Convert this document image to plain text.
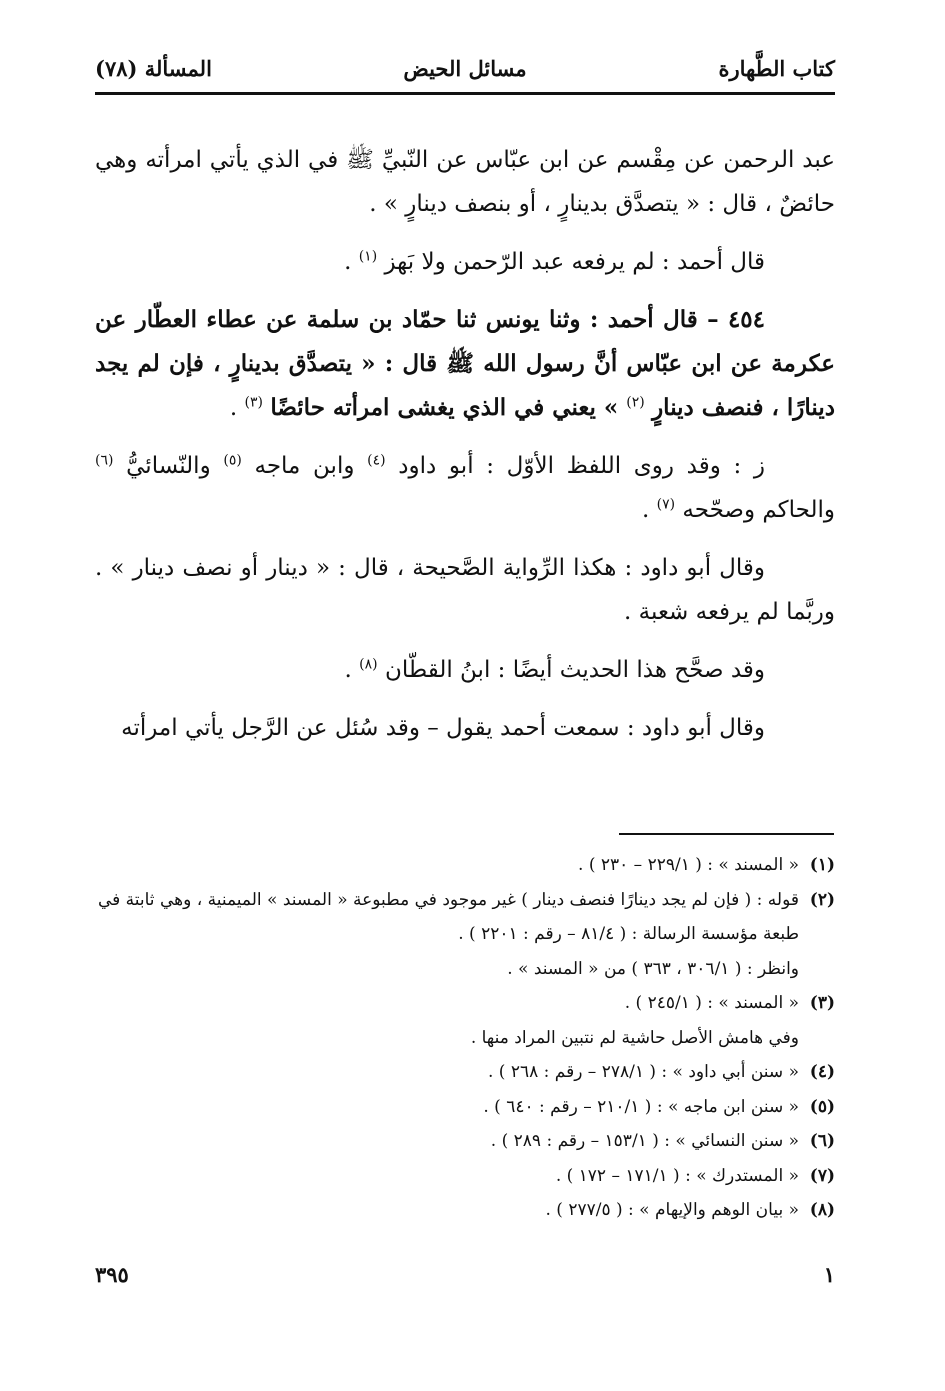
كتاب الطَّهارة
مسائل الحيض
المسألة (٧٨)

عبد الرحمن عن مِقْسم عن ابن عبّاس عن النّبيِّ ﷺ في الذي يأتي امرأته وهي حائضٌ ، قال : « يتصدَّق بدينارٍ ، أو بنصف دينارٍ » .

قال أحمد : لم يرفعه عبد الرّحمن ولا بَهز $^{(١)}$ .

٤٥٤ – قال أحمد : وثنا يونس ثنا حمّاد بن سلمة عن عطاء العطّار عن عكرمة عن ابن عبّاس أنَّ رسول الله ﷺ قال : « يتصدَّق بدينارٍ ، فإن لم يجد دينارًا ، فنصف دينارٍ $^{(٢)}$ » يعني في الذي يغشى امرأته حائضًا $^{(٣)}$ .

ز : وقد روى اللفظ الأوّل : أبو داود $^{(٤)}$ وابن ماجه $^{(٥)}$ والنّسائيُّ $^{(٦)}$ والحاكم وصحّحه $^{(٧)}$ .

وقال أبو داود : هكذا الرِّواية الصَّحيحة ، قال : « دينار أو نصف دينار » . وربَّما لم يرفعه شعبة .

وقد صحَّح هذا الحديث أيضًا : ابنُ القطّان $^{(٨)}$ .

وقال أبو داود : سمعت أحمد يقول – وقد سُئل عن الرَّجل يأتي امرأته

(١)
« المسند » : ( ٢٢٩/١ – ٢٣٠ ) .
(٢)
قوله : ( فإن لم يجد دينارًا فنصف دينار ) غير موجود في مطبوعة « المسند » الميمنية ، وهي ثابتة في طبعة مؤسسة الرسالة : ( ٨١/٤ – رقم : ٢٢٠١ ) .
وانظر : ( ٣٠٦/١ ، ٣٦٣ ) من « المسند » .
(٣)
« المسند » : ( ٢٤٥/١ ) .
وفي هامش الأصل حاشية لم نتبين المراد منها .
(٤)
« سنن أبي داود » : ( ٢٧٨/١ – رقم : ٢٦٨ ) .
(٥)
« سنن ابن ماجه » : ( ٢١٠/١ – رقم : ٦٤٠ ) .
(٦)
« سنن النسائي » : ( ١٥٣/١ – رقم : ٢٨٩ ) .
(٧)
« المستدرك » : ( ١٧١/١ – ١٧٢ ) .
(٨)
« بيان الوهم والإيهام » : ( ٢٧٧/٥ ) .
٣٩٥	١
